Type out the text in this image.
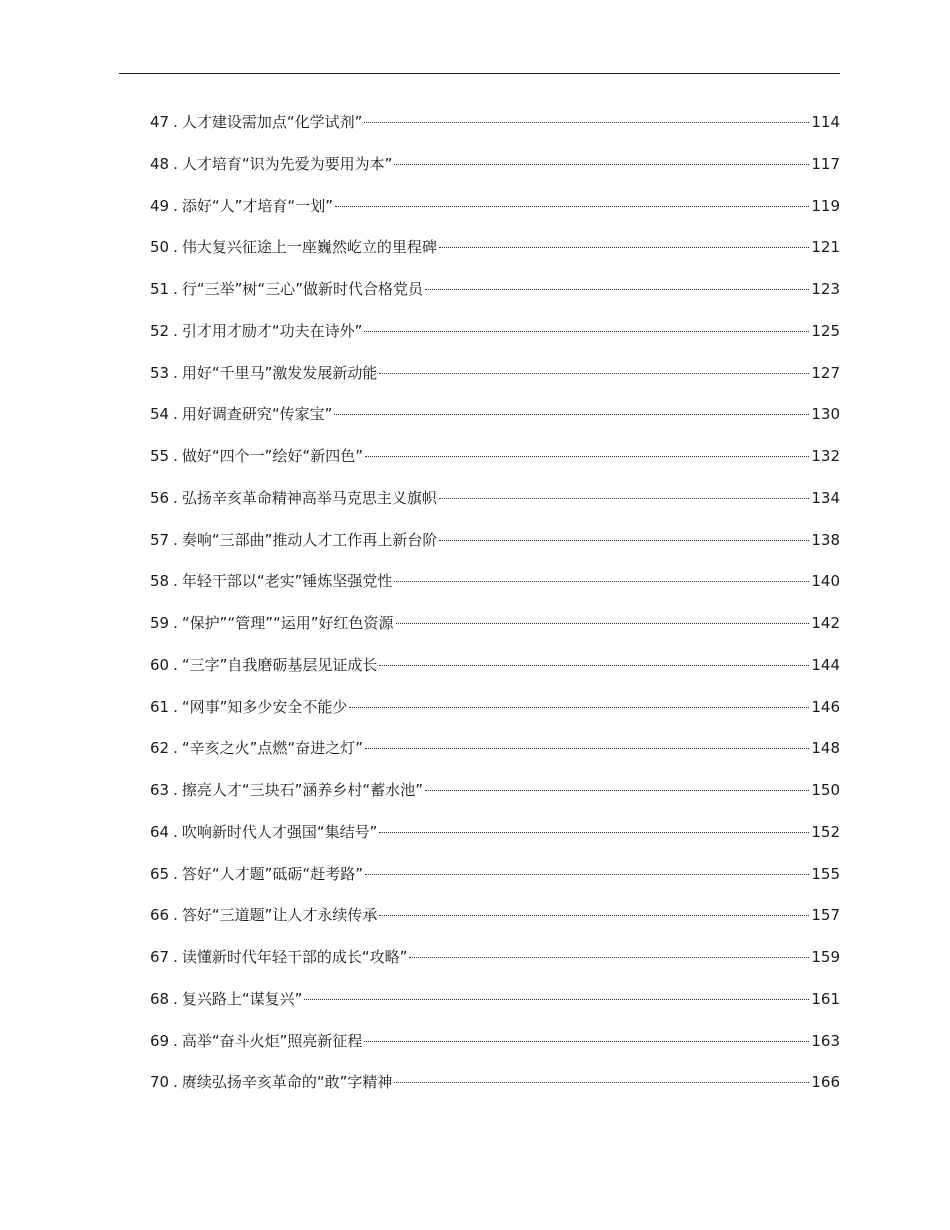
47 . 人才建设需加点“化学试剂”	114
48 . 人才培育“识为先爱为要用为本”	117
49 . 添好“人”才培育“一划”	119
50 . 伟大复兴征途上一座巍然屹立的里程碑	121
51 . 行“三举”树“三心”做新时代合格党员	123
52 . 引才用才励才“功夫在诗外”	125
53 . 用好“千里马”激发发展新动能	127
54 . 用好调查研究“传家宝”	130
55 . 做好“四个一”绘好“新四色”	132
56 . 弘扬辛亥革命精神高举马克思主义旗帜	134
57 . 奏响“三部曲”推动人才工作再上新台阶	138
58 . 年轻干部以“老实”锤炼坚强党性	140
59 . “保护”“管理”“运用”好红色资源	142
60 . “三字”自我磨砺基层见证成长	144
61 . “网事”知多少安全不能少	146
62 . “辛亥之火”点燃“奋进之灯”	148
63 . 擦亮人才“三块石”涵养乡村“蓄水池”	150
64 . 吹响新时代人才强国“集结号”	152
65 . 答好“人才题”砥砺“赶考路”	155
66 . 答好“三道题”让人才永续传承	157
67 . 读懂新时代年轻干部的成长“攻略”	159
68 . 复兴路上“谋复兴”	161
69 . 高举“奋斗火炬”照亮新征程	163
70 . 赓续弘扬辛亥革命的“敢”字精神	166
